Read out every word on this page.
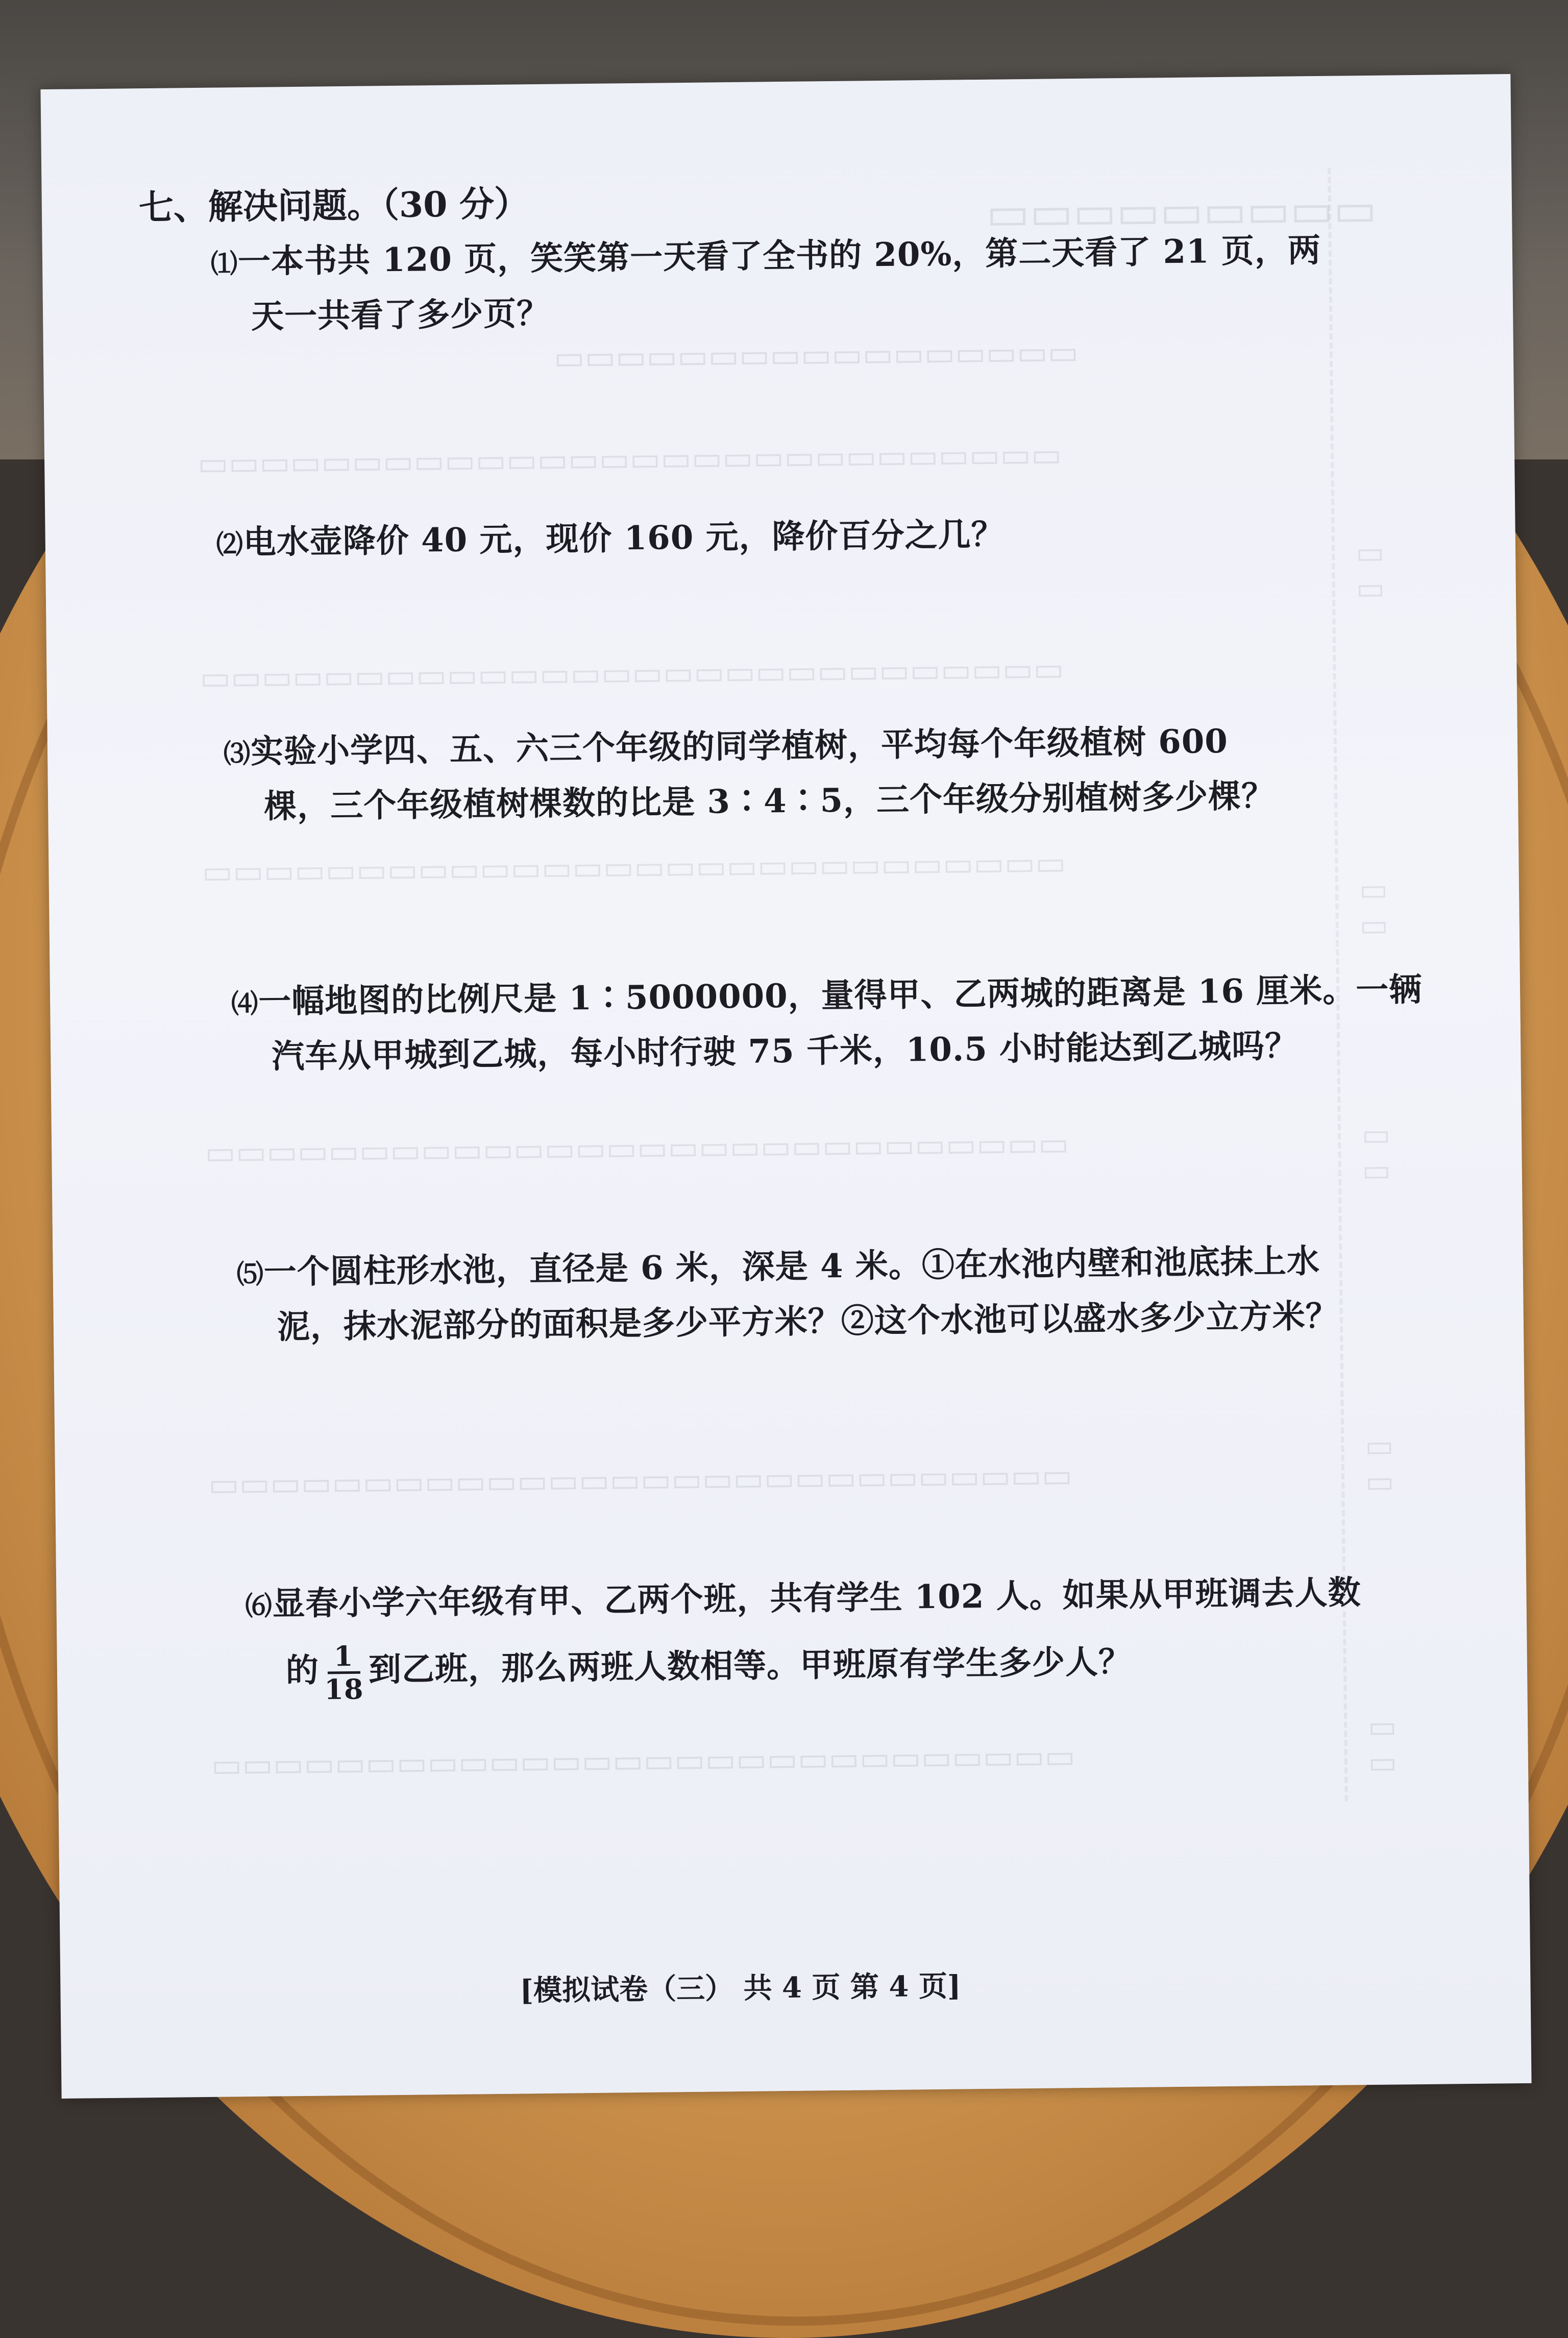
▭▭▭▭▭▭▭▭▭
▭▭▭▭▭▭▭▭▭▭▭▭▭▭▭▭▭
▭▭▭▭▭▭▭▭▭▭▭▭▭▭▭▭▭▭▭▭▭▭▭▭▭▭▭▭
▭▭▭▭▭▭▭▭▭▭▭▭▭▭▭▭▭▭▭▭▭▭▭▭▭▭▭▭
▭▭▭▭▭▭▭▭▭▭▭▭▭▭▭▭▭▭▭▭▭▭▭▭▭▭▭▭
▭▭▭▭▭▭▭▭▭▭▭▭▭▭▭▭▭▭▭▭▭▭▭▭▭▭▭▭
▭▭▭▭▭▭▭▭▭▭▭▭▭▭▭▭▭▭▭▭▭▭▭▭▭▭▭▭
▭▭▭▭▭▭▭▭▭▭▭▭▭▭▭▭▭▭▭▭▭▭▭▭▭▭▭▭
▭▭
▭▭
▭▭
▭▭
▭▭
七、解决问题。（30 分）
⑴一本书共 120 页，笑笑第一天看了全书的 20%，第二天看了 21 页，两
天一共看了多少页？
⑵电水壶降价 40 元，现价 160 元，降价百分之几？
⑶实验小学四、五、六三个年级的同学植树，平均每个年级植树 600
棵，三个年级植树棵数的比是 3∶4∶5，三个年级分别植树多少棵？
⑷一幅地图的比例尺是 1∶5000000，量得甲、乙两城的距离是 16 厘米。一辆
汽车从甲城到乙城，每小时行驶 75 千米，10.5 小时能达到乙城吗？
⑸一个圆柱形水池，直径是 6 米，深是 4 米。①在水池内壁和池底抹上水
泥，抹水泥部分的面积是多少平方米？②这个水池可以盛水多少立方米？
⑹显春小学六年级有甲、乙两个班，共有学生 102 人。如果从甲班调去人数
的 1
18
到乙班，那么两班人数相等。甲班原有学生多少人？
[模拟试卷（三） 共 4 页 第 4 页]
